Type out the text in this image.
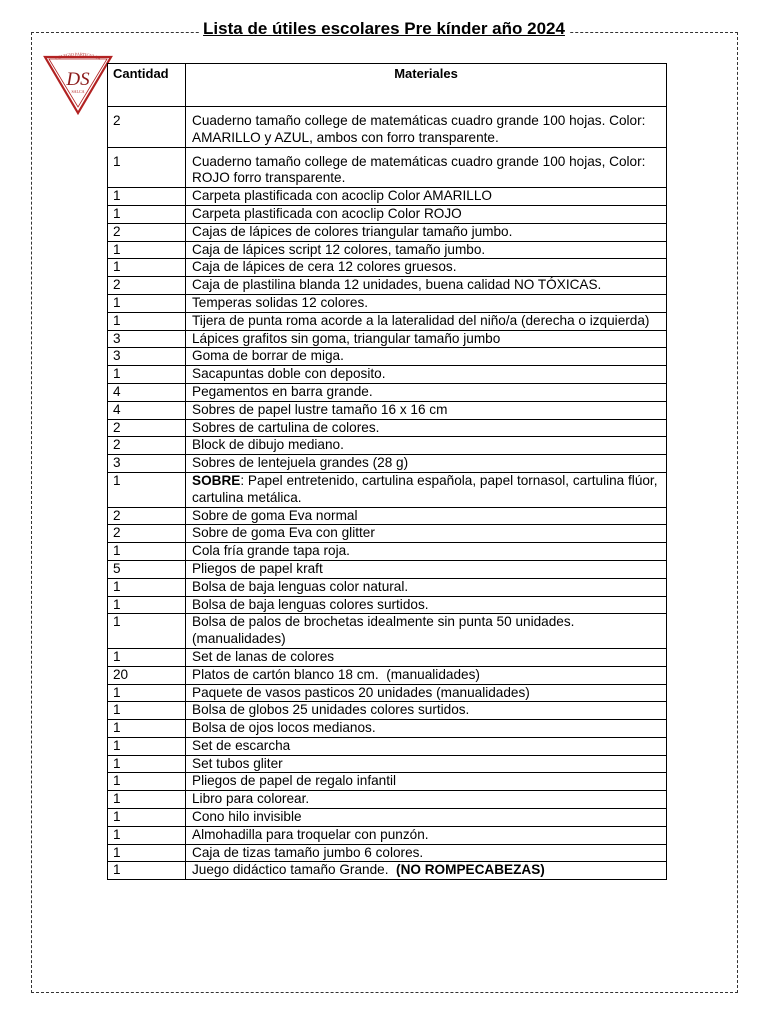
Lista de útiles escolares Pre kínder año 2024
COLEGIO PARTICULAR
DS
SALCA
Cantidad	Materiales
2	Cuaderno tamaño college de matemáticas cuadro grande 100 hojas. Color: AMARILLO y AZUL, ambos con forro transparente.
1	Cuaderno tamaño college de matemáticas cuadro grande 100 hojas, Color: ROJO forro transparente.
1	Carpeta plastificada con acoclip Color AMARILLO
1	Carpeta plastificada con acoclip Color ROJO
2	Cajas de lápices de colores triangular tamaño jumbo.
1	Caja de lápices script 12 colores, tamaño jumbo.
1	Caja de lápices de cera 12 colores gruesos.
2	Caja de plastilina blanda 12 unidades, buena calidad NO TÓXICAS.
1	Temperas solidas 12 colores.
1	Tijera de punta roma acorde a la lateralidad del niño/a (derecha o izquierda)
3	Lápices grafitos sin goma, triangular tamaño jumbo
3	Goma de borrar de miga.
1	Sacapuntas doble con deposito.
4	Pegamentos en barra grande.
4	Sobres de papel lustre tamaño 16 x 16 cm
2	Sobres de cartulina de colores.
2	Block de dibujo mediano.
3	Sobres de lentejuela grandes (28 g)
1	SOBRE: Papel entretenido, cartulina española, papel tornasol, cartulina flúor, cartulina metálica.
2	Sobre de goma Eva normal
2	Sobre de goma Eva con glitter
1	Cola fría grande tapa roja.
5	Pliegos de papel kraft
1	Bolsa de baja lenguas color natural.
1	Bolsa de baja lenguas colores surtidos.
1	Bolsa de palos de brochetas idealmente sin punta 50 unidades. (manualidades)
1	Set de lanas de colores
20	Platos de cartón blanco 18 cm.  (manualidades)
1	Paquete de vasos pasticos 20 unidades (manualidades)
1	Bolsa de globos 25 unidades colores surtidos.
1	Bolsa de ojos locos medianos.
1	Set de escarcha
1	Set tubos gliter
1	Pliegos de papel de regalo infantil
1	Libro para colorear.
1	Cono hilo invisible
1	Almohadilla para troquelar con punzón.
1	Caja de tizas tamaño jumbo 6 colores.
1	Juego didáctico tamaño Grande.  (NO ROMPECABEZAS)
